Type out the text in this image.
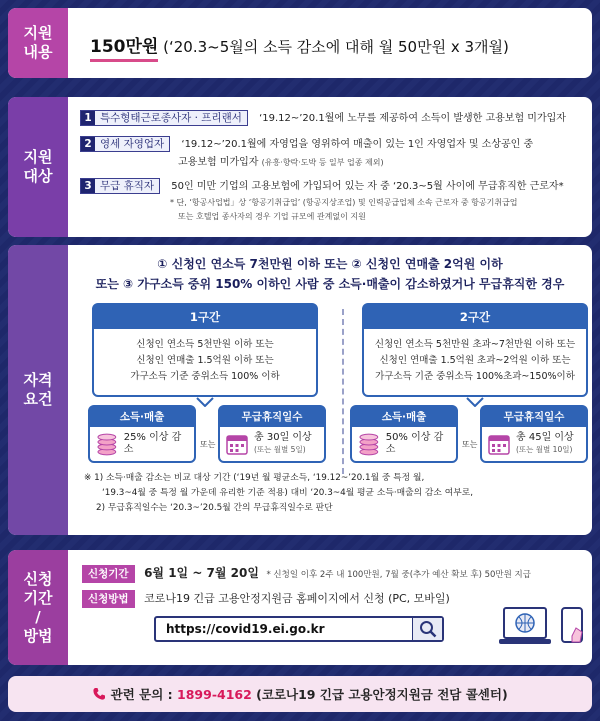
지원
내용 150만원 (‘20.3~5월의 소득 감소에 대해 월 50만원 x 3개월)
지원
대상
1 특수형태근로종사자 · 프리랜서 ‘19.12~’20.1월에 노무를 제공하여 소득이 발생한 고용보험 미가입자
2 영세 자영업자 ‘19.12~’20.1월에 자영업을 영위하여 매출이 있는 1인 자영업자 및 소상공인 중
고용보험 미가입자 (유흥·향락·도박 등 일부 업종 제외)
3 무급 휴직자 50인 미만 기업의 고용보험에 가입되어 있는 자 중 ‘20.3~5월 사이에 무급휴직한 근로자*
* 단, ‘항공사업법」상 ‘항공기취급업’ (항공지상조업) 및 인력공급업체 소속 근로자 중 항공기취급업
또는 호텔업 종사자의 경우 기업 규모에 관계없이 지원
자격
요건
① 신청인 연소득 7천만원 이하 또는 ② 신청인 연매출 2억원 이하
또는 ③ 가구소득 중위 150% 이하인 사람 중 소득·매출이 감소하였거나 무급휴직한 경우
1구간
신청인 연소득 5천만원 이하 또는
신청인 연매출 1.5억원 이하 또는
가구소득 기준 중위소득 100% 이하
소득·매출
25% 이상 감소	또는
무급휴직일수
총 30일 이상
(또는 월별 5일)
2구간
신청인 연소득 5천만원 초과~7천만원 이하 또는
신청인 연매출 1.5억원 초과~2억원 이하 또는
가구소득 기준 중위소득 100%초과~150%이하
소득·매출
50% 이상 감소	또는
무급휴직일수
총 45일 이상
(또는 월별 10일)
※ 1) 소득·매출 감소는 비교 대상 기간 (‘19년 월 평균소득, ‘19.12~’20.1월 중 특정 월,
‘19.3~4월 중 특정 월 가운데 유리한 기준 적용) 대비 ‘20.3~4월 평균 소득·매출의 감소 여부로,
2) 무급휴직일수는 ‘20.3~’20.5월 간의 무급휴직일수로 판단
신청
기간
/
방법
신청기간 6월 1일 ~ 7월 20일 * 신청일 이후 2주 내 100만원, 7월 중(추가 예산 확보 후) 50만원 지급
신청방법 코로나19 긴급 고용안정지원금 홈페이지에서 신청 (PC, 모바일)
https://covid19.ei.go.kr
관련 문의 : 1899-4162 (코로나19 긴급 고용안정지원금 전담 콜센터)
